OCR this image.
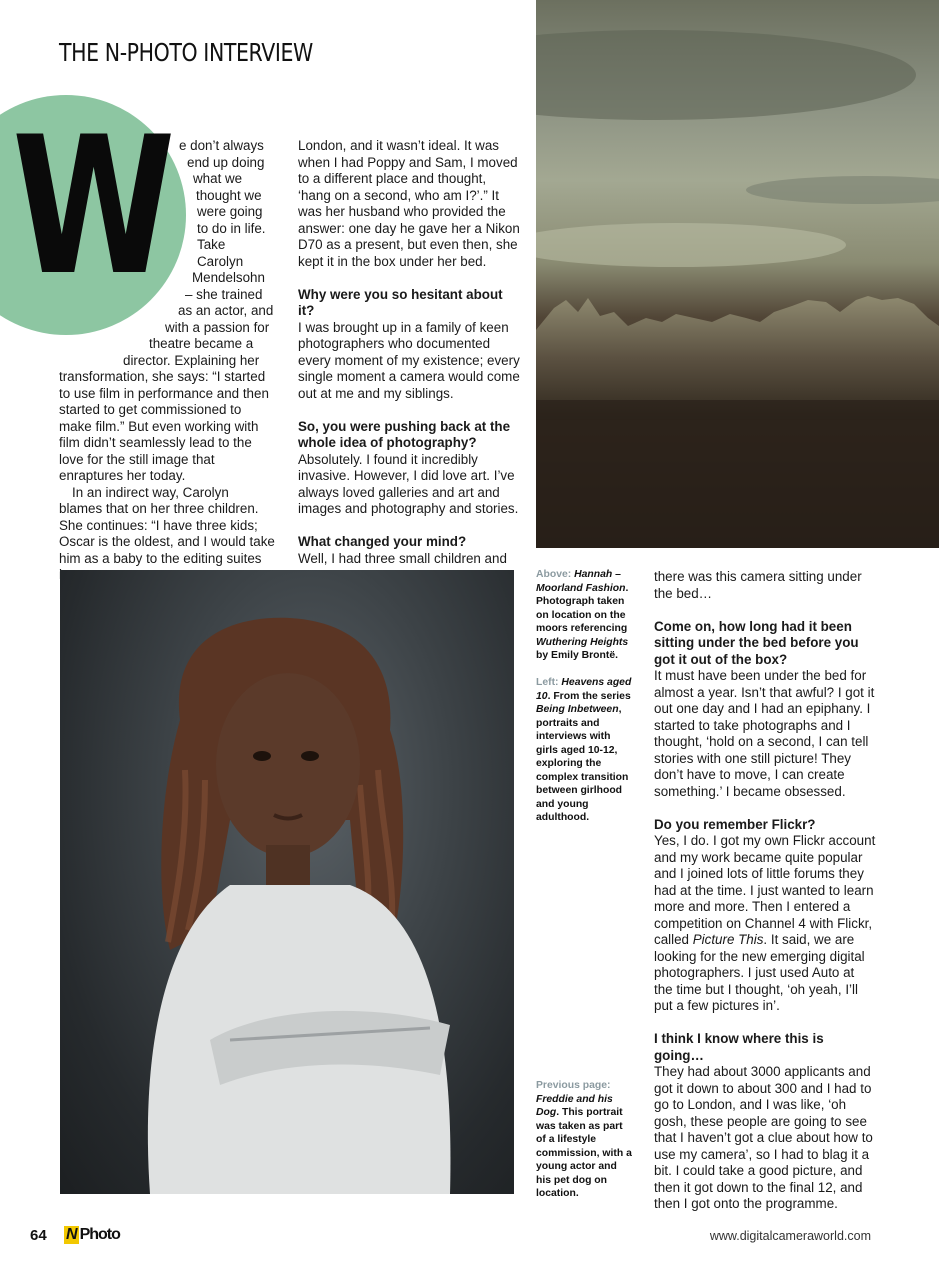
THE N-PHOTO INTERVIEW
W e don’t always
end up doing
what we
thought we
were going
to do in life.
Take Carolyn
Mendelsohn
– she trained
as an actor, and
with a passion for
theatre became a
director. Explaining her

transformation, she says: “I started to use film in performance and then started to get commissioned to make film.” But even working with film didn’t seamlessly lead to the love for the still image that enraptures her today.

In an indirect way, Carolyn blames that on her three children. She continues: “I have three kids; Oscar is the oldest, and I would take him as a baby to the editing suites

London, and it wasn’t ideal. It was when I had Poppy and Sam, I moved to a different place and thought, ‘hang on a second, who am I?’.” It was her husband who provided the answer: one day he gave her a Nikon D70 as a present, but even then, she kept it in the box under her bed.

Why were you so hesitant about it?
I was brought up in a family of keen photographers who documented every moment of my existence; every single moment a camera would come out at me and my siblings.

So, you were pushing back at the whole idea of photography?
Absolutely. I found it incredibly invasive. However, I did love art. I’ve always loved galleries and art and images and photography and stories.

What changed your mind?
Well, I had three small children and

Above: Hannah – Moorland Fashion. Photograph taken on location on the moors referencing Wuthering Heights by Emily Brontë.

Left: Heavens aged 10. From the series Being Inbetween, portraits and interviews with girls aged 10-12, exploring the complex transition between girlhood and young adulthood.

Previous page: Freddie and his Dog. This portrait was taken as part of a lifestyle commission, with a young actor and his pet dog on location.

there was this camera sitting under the bed…

Come on, how long had it been sitting under the bed before you got it out of the box?
It must have been under the bed for almost a year. Isn’t that awful? I got it out one day and I had an epiphany. I started to take photographs and I thought, ‘hold on a second, I can tell stories with one still picture! They don’t have to move, I can create something.’ I became obsessed.

Do you remember Flickr?
Yes, I do. I got my own Flickr account and my work became quite popular and I joined lots of little forums they had at the time. I just wanted to learn more and more. Then I entered a competition on Channel 4 with Flickr, called Picture This. It said, we are looking for the new emerging digital photographers. I just used Auto at the time but I thought, ‘oh yeah, I’ll put a few pictures in’.

I think I know where this is going…
They had about 3000 applicants and got it down to about 300 and I had to go to London, and I was like, ‘oh gosh, these people are going to see that I haven’t got a clue about how to use my camera’, so I had to blag it a bit. I could take a good picture, and then it got down to the final 12, and then I got onto the programme.

64 N Photo	www.digitalcameraworld.com
